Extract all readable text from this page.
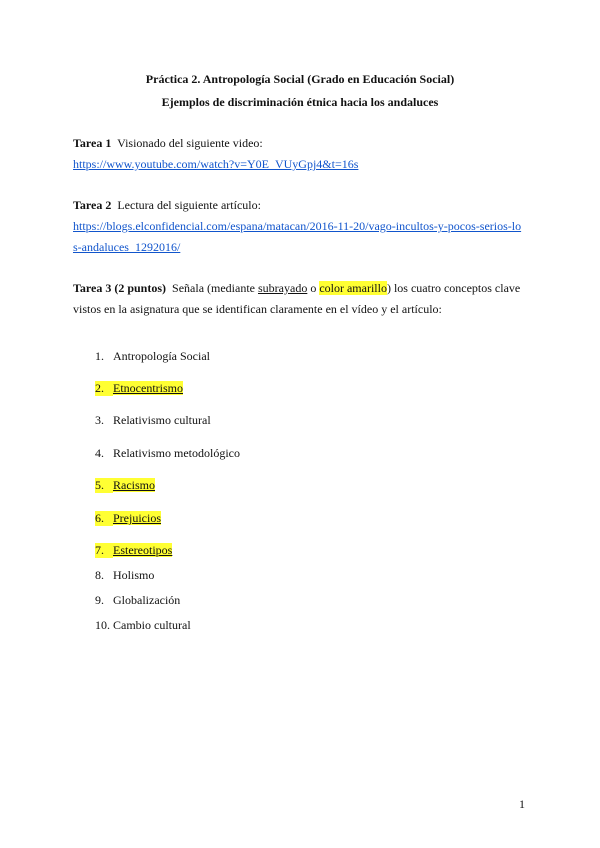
Práctica 2. Antropología Social (Grado en Educación Social)
Ejemplos de discriminación étnica hacia los andaluces
Tarea 1 Visionado del siguiente video:
https://www.youtube.com/watch?v=Y0E_VUyGpj4&t=16s
Tarea 2 Lectura del siguiente artículo:
https://blogs.elconfidencial.com/espana/matacan/2016-11-20/vago-incultos-y-pocos-serios-lo
s-andaluces_1292016/
Tarea 3 (2 puntos) Señala (mediante subrayado o color amarillo) los cuatro conceptos clave
vistos en la asignatura que se identifican claramente en el vídeo y el artículo:
1. Antropología Social
2. Etnocentrismo
3. Relativismo cultural
4. Relativismo metodológico
5. Racismo
6. Prejuicios
7. Estereotipos
8. Holismo
9. Globalización
10. Cambio cultural
1
